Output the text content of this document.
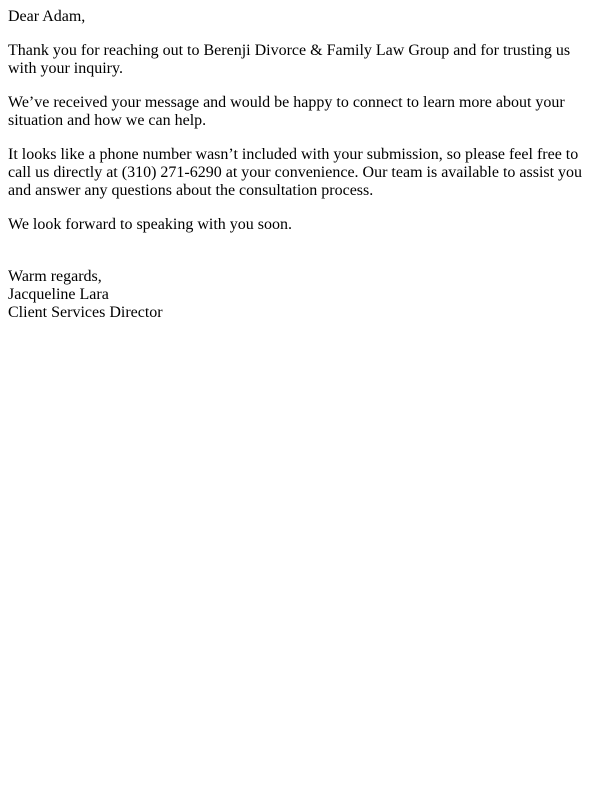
Dear Adam,

Thank you for reaching out to Berenji Divorce & Family Law Group and for trusting us with your inquiry.

We’ve received your message and would be happy to connect to learn more about your situation and how we can help.

It looks like a phone number wasn’t included with your submission, so please feel free to call us directly at (310) 271-6290 at your convenience. Our team is available to assist you and answer any questions about the consultation process.

We look forward to speaking with you soon.

Warm regards,
Jacqueline Lara
Client Services Director
